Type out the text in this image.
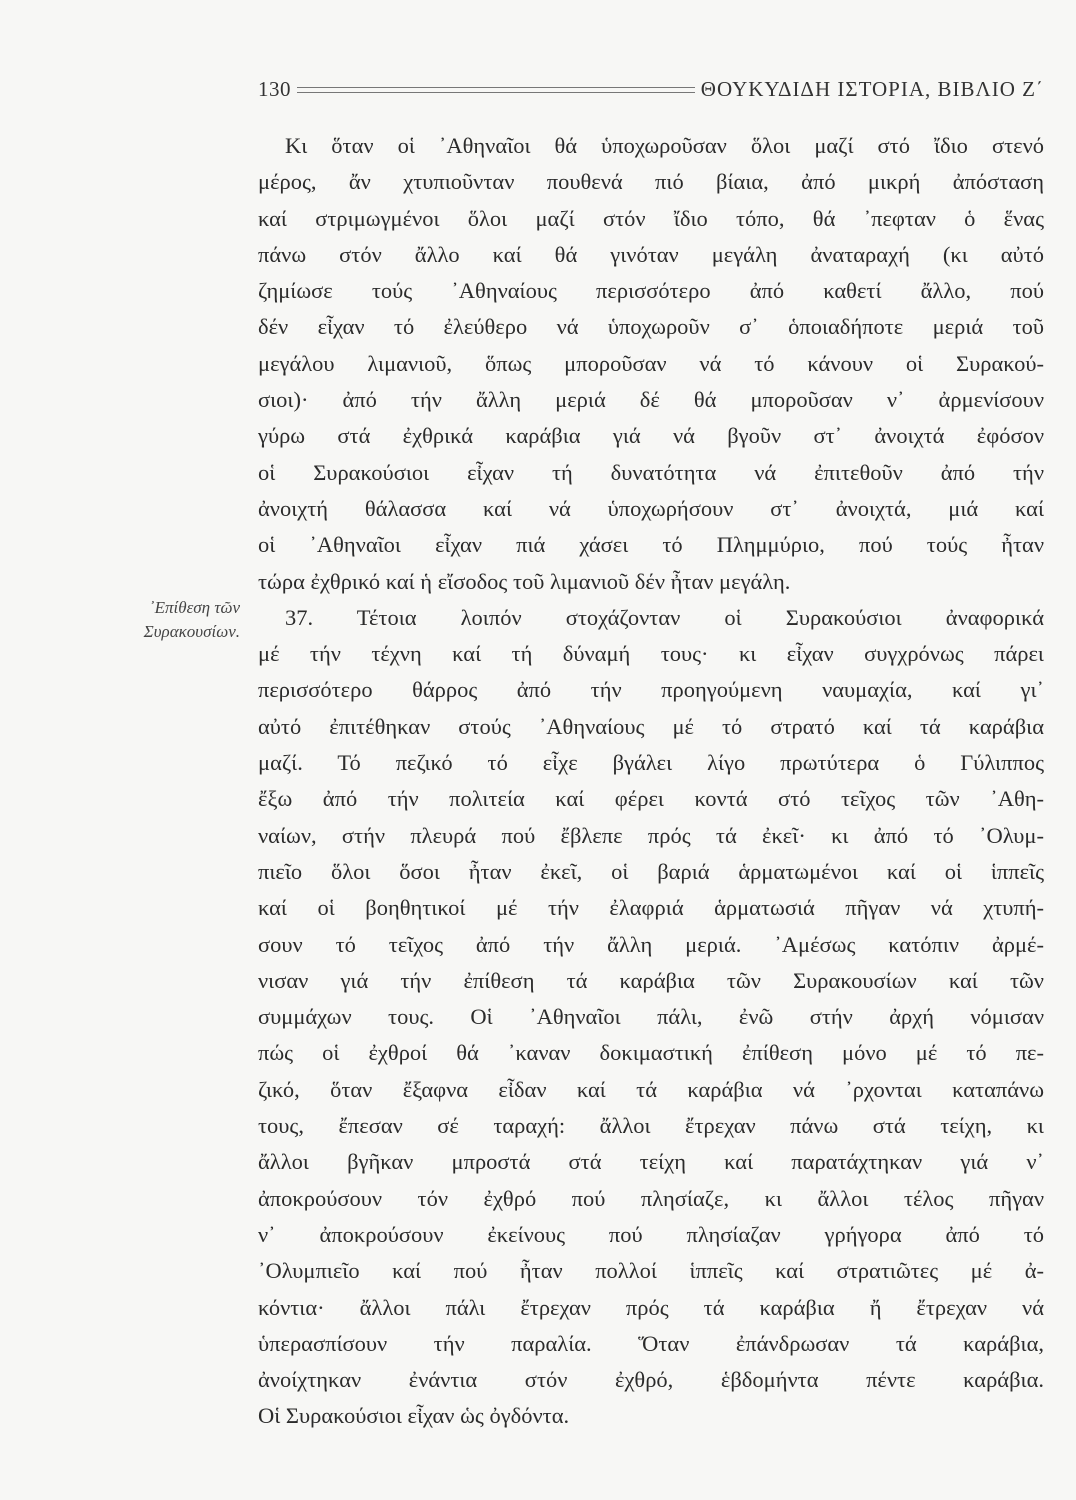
130	ΘΟΥΚΥΔΙΔΗ ΙΣΤΟΡΙΑ, ΒΙΒΛΙΟ Ζ΄
᾿Επίθεση τῶν
Συρακουσίων.
Κι ὅταν οἱ ᾿Αθηναῖοι θά ὑποχωροῦσαν ὅλοι μαζί στό ἴδιο στενό
μέρος, ἄν χτυπιοῦνταν πουθενά πιό βίαια, ἀπό μικρή ἀπόσταση
καί στριμωγμένοι ὅλοι μαζί στόν ἴδιο τόπο, θά ᾿πεφταν ὁ ἕνας
πάνω στόν ἄλλο καί θά γινόταν μεγάλη ἀναταραχή (κι αὐτό
ζημίωσε τούς ᾿Αθηναίους περισσότερο ἀπό καθετί ἄλλο, πού
δέν εἶχαν τό ἐλεύθερο νά ὑποχωροῦν σ᾿ ὁποιαδήποτε μεριά τοῦ
μεγάλου λιμανιοῦ, ὅπως μποροῦσαν νά τό κάνουν οἱ Συρακού-
σιοι)· ἀπό τήν ἄλλη μεριά δέ θά μποροῦσαν ν᾿ ἀρμενίσουν
γύρω στά ἐχθρικά καράβια γιά νά βγοῦν στ᾿ ἀνοιχτά ἐφόσον
οἱ Συρακούσιοι εἶχαν τή δυνατότητα νά ἐπιτεθοῦν ἀπό τήν
ἀνοιχτή θάλασσα καί νά ὑποχωρήσουν στ᾿ ἀνοιχτά, μιά καί
οἱ ᾿Αθηναῖοι εἶχαν πιά χάσει τό Πλημμύριο, πού τούς ἦταν
τώρα ἐχθρικό καί ἡ εἴσοδος τοῦ λιμανιοῦ δέν ἦταν μεγάλη.
37. Τέτοια λοιπόν στοχάζονταν οἱ Συρακούσιοι ἀναφορικά
μέ τήν τέχνη καί τή δύναμή τους· κι εἶχαν συγχρόνως πάρει
περισσότερο θάρρος ἀπό τήν προηγούμενη ναυμαχία, καί γι᾿
αὐτό ἐπιτέθηκαν στούς ᾿Αθηναίους μέ τό στρατό καί τά καράβια
μαζί. Τό πεζικό τό εἶχε βγάλει λίγο πρωτύτερα ὁ Γύλιππος
ἔξω ἀπό τήν πολιτεία καί φέρει κοντά στό τεῖχος τῶν ᾿Αθη-
ναίων, στήν πλευρά πού ἔβλεπε πρός τά ἐκεῖ· κι ἀπό τό ᾿Ολυμ-
πιεῖο ὅλοι ὅσοι ἦταν ἐκεῖ, οἱ βαριά ἁρματωμένοι καί οἱ ἱππεῖς
καί οἱ βοηθητικοί μέ τήν ἐλαφριά ἁρματωσιά πῆγαν νά χτυπή-
σουν τό τεῖχος ἀπό τήν ἄλλη μεριά. ᾿Αμέσως κατόπιν ἀρμέ-
νισαν γιά τήν ἐπίθεση τά καράβια τῶν Συρακουσίων καί τῶν
συμμάχων τους. Οἱ ᾿Αθηναῖοι πάλι, ἐνῶ στήν ἀρχή νόμισαν
πώς οἱ ἐχθροί θά ᾿καναν δοκιμαστική ἐπίθεση μόνο μέ τό πε-
ζικό, ὅταν ἔξαφνα εἶδαν καί τά καράβια νά ᾿ρχονται καταπάνω
τους, ἔπεσαν σέ ταραχή: ἄλλοι ἔτρεχαν πάνω στά τείχη, κι
ἄλλοι βγῆκαν μπροστά στά τείχη καί παρατάχτηκαν γιά ν᾿
ἀποκρούσουν τόν ἐχθρό πού πλησίαζε, κι ἄλλοι τέλος πῆγαν
ν᾿ ἀποκρούσουν ἐκείνους πού πλησίαζαν γρήγορα ἀπό τό
᾿Ολυμπιεῖο καί πού ἦταν πολλοί ἱππεῖς καί στρατιῶτες μέ ἀ-
κόντια· ἄλλοι πάλι ἔτρεχαν πρός τά καράβια ἤ ἔτρεχαν νά
ὑπερασπίσουν τήν παραλία. Ὅταν ἐπάνδρωσαν τά καράβια,
ἀνοίχτηκαν ἐνάντια στόν ἐχθρό, ἑβδομήντα πέντε καράβια.
Οἱ Συρακούσιοι εἶχαν ὡς ὀγδόντα.
